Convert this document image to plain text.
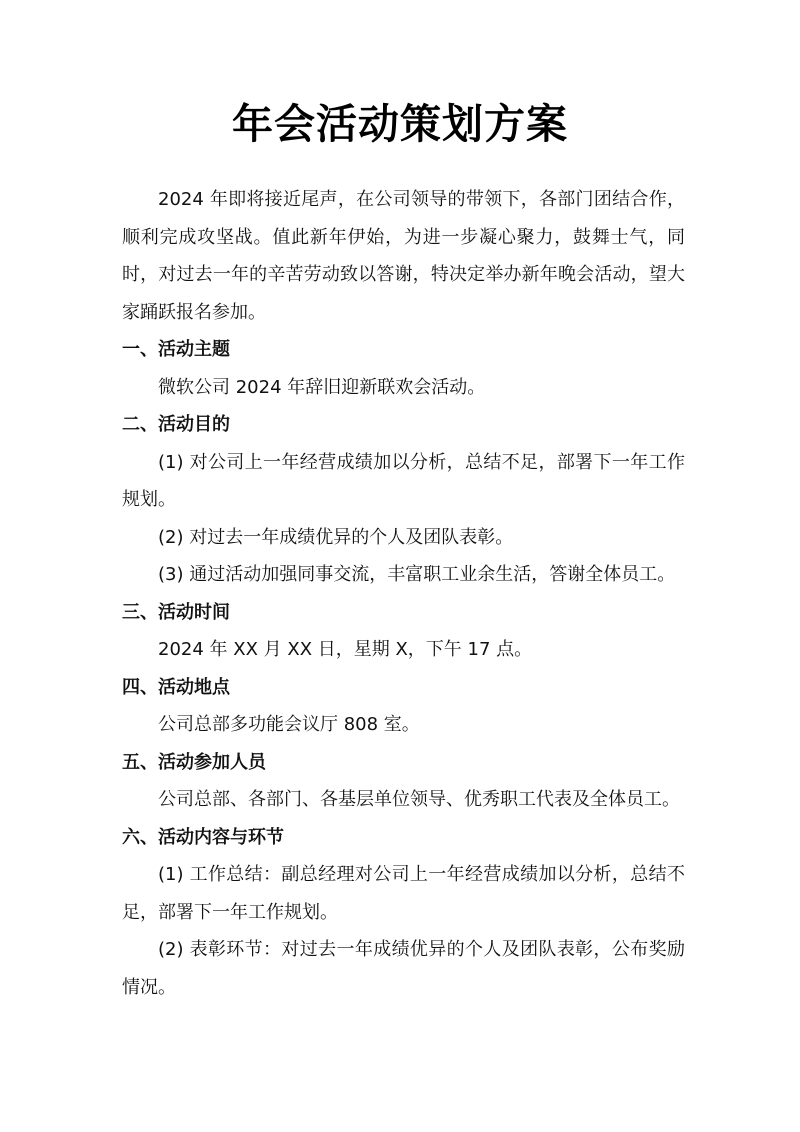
年会活动策划方案

2024 年即将接近尾声，在公司领导的带领下，各部门团结合作，顺利完成攻坚战。值此新年伊始，为进一步凝心聚力，鼓舞士气，同时，对过去一年的辛苦劳动致以答谢，特决定举办新年晚会活动，望大家踊跃报名参加。

一、活动主题

微软公司 2024 年辞旧迎新联欢会活动。

二、活动目的

(1) 对公司上一年经营成绩加以分析，总结不足，部署下一年工作规划。

(2) 对过去一年成绩优异的个人及团队表彰。

(3) 通过活动加强同事交流，丰富职工业余生活，答谢全体员工。

三、活动时间

2024 年 XX 月 XX 日，星期 X，下午 17 点。

四、活动地点

公司总部多功能会议厅 808 室。

五、活动参加人员

公司总部、各部门、各基层单位领导、优秀职工代表及全体员工。

六、活动内容与环节

(1) 工作总结：副总经理对公司上一年经营成绩加以分析，总结不足，部署下一年工作规划。

(2) 表彰环节：对过去一年成绩优异的个人及团队表彰，公布奖励情况。
